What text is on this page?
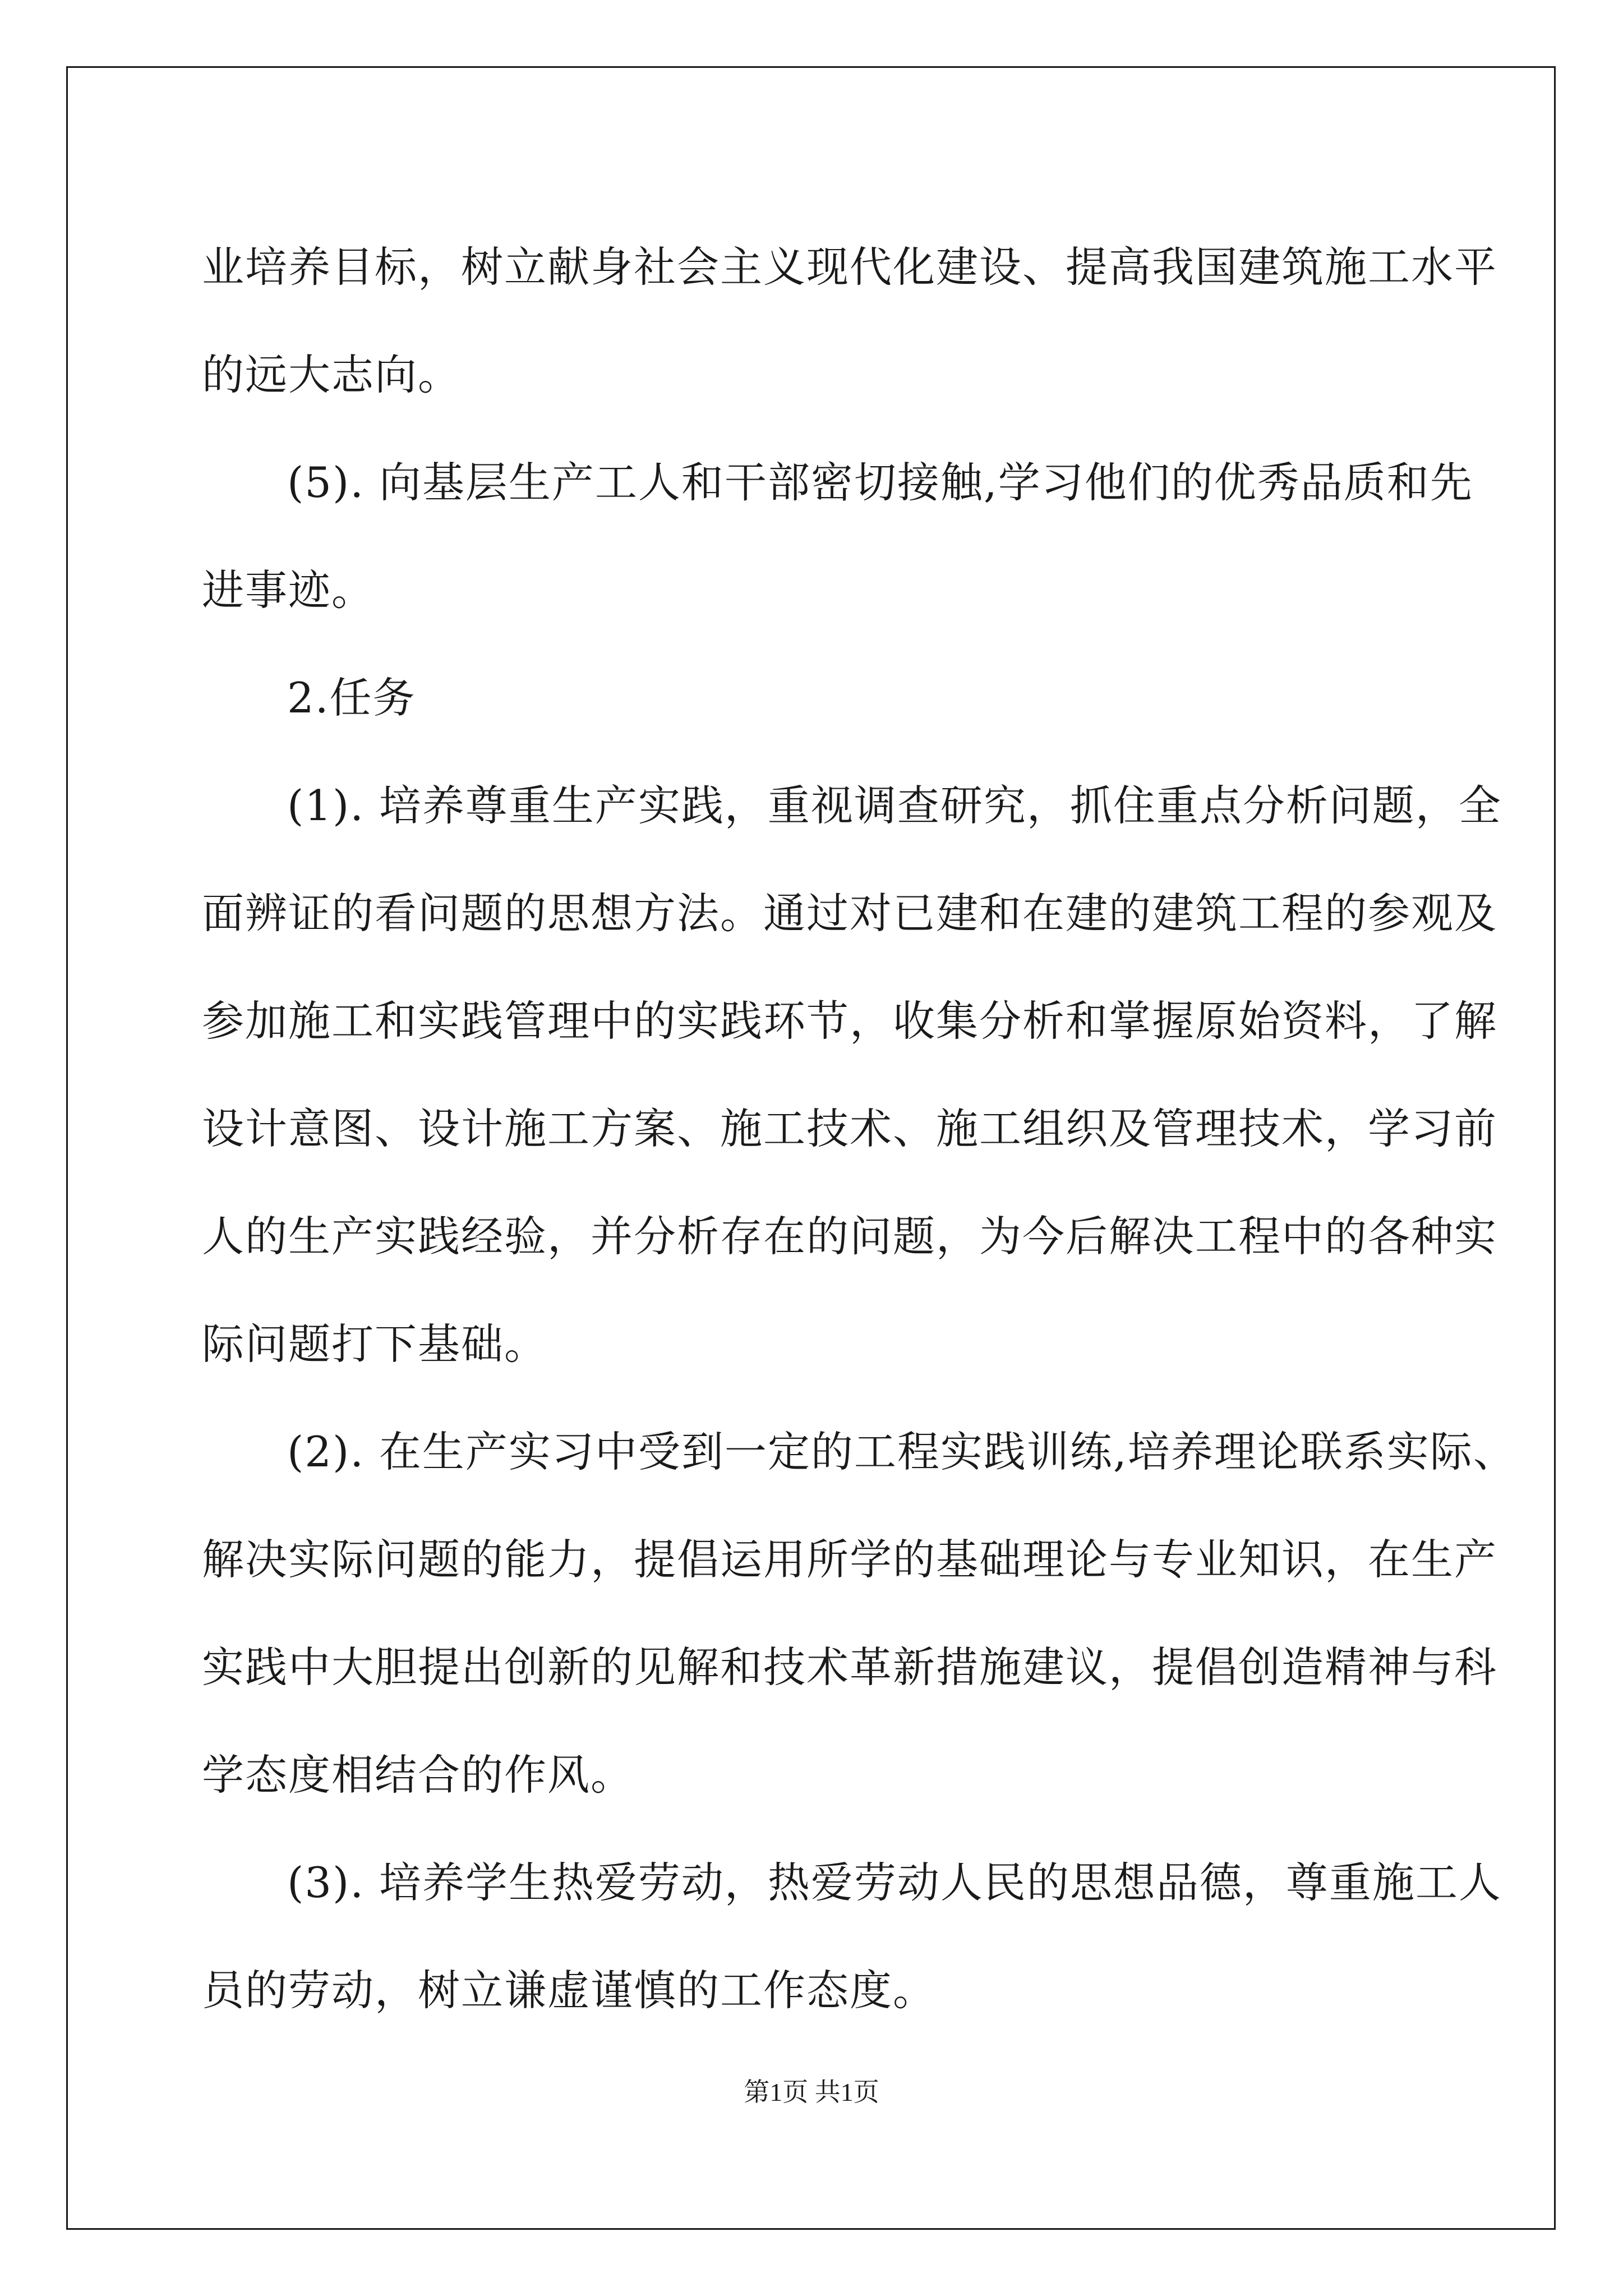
业培养目标，树立献身社会主义现代化建设、提高我国建筑施工水平
的远大志向。
(5). 向基层生产工人和干部密切接触,学习他们的优秀品质和先
进事迹。
2.任务
(1). 培养尊重生产实践，重视调查研究，抓住重点分析问题，全
面辨证的看问题的思想方法。通过对已建和在建的建筑工程的参观及
参加施工和实践管理中的实践环节，收集分析和掌握原始资料，了解
设计意图、设计施工方案、施工技术、施工组织及管理技术，学习前
人的生产实践经验，并分析存在的问题，为今后解决工程中的各种实
际问题打下基础。
(2). 在生产实习中受到一定的工程实践训练,培养理论联系实际、
解决实际问题的能力，提倡运用所学的基础理论与专业知识，在生产
实践中大胆提出创新的见解和技术革新措施建议，提倡创造精神与科
学态度相结合的作风。
(3). 培养学生热爱劳动，热爱劳动人民的思想品德，尊重施工人
员的劳动，树立谦虚谨慎的工作态度。
第1页 共1页
